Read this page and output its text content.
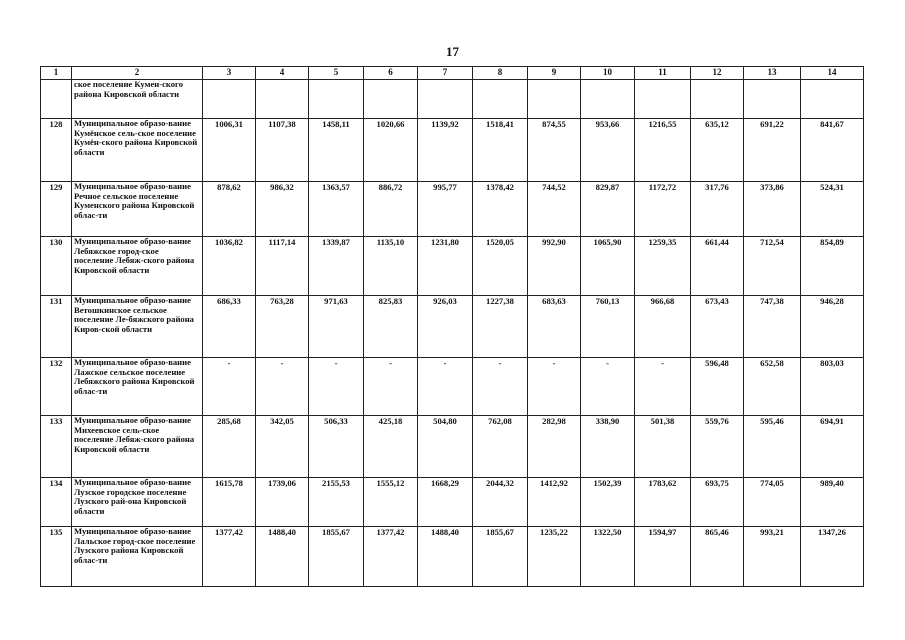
17
1	2	3	4	5	6	7	8	9	10	11	12	13	14
	ское поселение Кумен-ского района Кировской области												
128	Муниципальное образо-вание Кумёнское сель-ское поселение Кумён-ского района Кировской области	1006,31	1107,38	1458,11	1020,66	1139,92	1518,41	874,55	953,66	1216,55	635,12	691,22	841,67
129	Муниципальное образо-вание Речное сельское поселение Куменского района Кировской облас-ти	878,62	986,32	1363,57	886,72	995,77	1378,42	744,52	829,87	1172,72	317,76	373,86	524,31
130	Муниципальное образо-вание Лебяжское город-ское поселение Лебяж-ского района Кировской области	1036,82	1117,14	1339,87	1135,10	1231,80	1520,05	992,90	1065,90	1259,35	661,44	712,54	854,89
131	Муниципальное образо-вание Ветошкинское сельское поселение Ле-бяжского района Киров-ской области	686,33	763,28	971,63	825,83	926,03	1227,38	683,63	760,13	966,68	673,43	747,38	946,28
132	Муниципальное образо-вание Лажское сельское поселение Лебяжского района Кировской облас-ти	-	-	-	-	-	-	-	-	-	596,48	652,58	803,03
133	Муниципальное образо-вание Михеевское сель-ское поселение Лебяж-ского района Кировской области	285,68	342,05	506,33	425,18	504,80	762,08	282,98	338,90	501,38	559,76	595,46	694,91
134	Муниципальное образо-вание Лузское городское поселение Лузского рай-она Кировской области	1615,78	1739,06	2155,53	1555,12	1668,29	2044,32	1412,92	1502,39	1783,62	693,75	774,05	989,40
135	Муниципальное образо-вание Лальское город-ское поселение Лузского района Кировской облас-ти	1377,42	1488,40	1855,67	1377,42	1488,40	1855,67	1235,22	1322,50	1594,97	865,46	993,21	1347,26
